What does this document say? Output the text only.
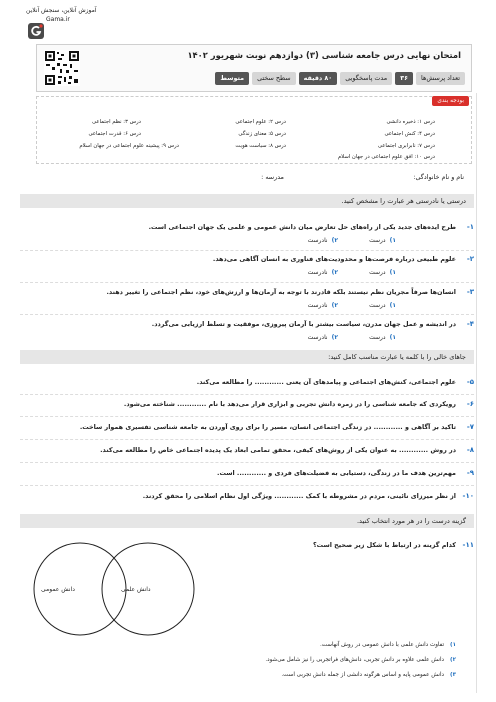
آموزش آنلاین، سنجش آنلاین
Gama.ir
امتحان نهایی درس جامعه شناسی (۳) دوازدهم نوبت شهریور ۱۴۰۲
تعداد پرسش‌ها
۳۶
مدت پاسخگویی
۸۰ دقیقه
سطح سختی
متوسط
بودجه بندی
درس ۱: ذخیره دانشی
درس ۲: علوم اجتماعی
درس ۳: نظم اجتماعی
درس ۴: کنش اجتماعی
درس ۵: معنای زندگی
درس ۶: قدرت اجتماعی
درس ۷: نابرابری اجتماعی
درس ۸: سیاست هویت
درس ۹: پیشینه علوم اجتماعی در جهان اسلام
درس ۱۰: افق علوم اجتماعی در جهان اسلام
نام و نام خانوادگی:
مدرسه :
درستی یا نادرستی هر عبارت را مشخص کنید.
۱-
طرح ایده‌های جدید یکی از راه‌های حل تعارض میان دانش عمومی و علمی یک جهان اجتماعی است.
۱)درست
۲)نادرست
۲-
علوم طبیعی درباره فرصت‌ها و محدودیت‌های فناوری به انسان آگاهی می‌دهد.
۱)درست
۲)نادرست
۳-
انسان‌ها صرفاً مجریان نظم نیستند بلکه قادرند با توجه به آرمان‌ها و ارزش‌های خود، نظم اجتماعی را تغییر دهند.
۱)درست
۲)نادرست
۴-
در اندیشه و عمل جهان مدرن، سیاست بیشتر با آرمان پیروزی، موفقیت و تسلط ارزیابی می‌گردد.
۱)درست
۲)نادرست
جاهای خالی را با کلمه یا عبارت مناسب کامل کنید:
۵-
علوم اجتماعی، کنش‌های اجتماعی و پیامدهای آن یعنی ............ را مطالعه می‌کند.
۶-
رویکردی که جامعه شناسی را در زمره دانش تجربی و ابزاری قرار می‌دهد با نام ............ شناخته می‌شود.
۷-
تاکید بر آگاهی و ............ در زندگی اجتماعی انسان، مسیر را برای روی آوردن به جامعه شناسی تفسیری هموار ساخت.
۸-
در روش ............ به عنوان یکی از روش‌های کیفی، محقق تمامی ابعاد یک پدیده اجتماعی خاص را مطالعه می‌کند.
۹-
مهم‌ترین هدف ما در زندگی، دستیابی به فضیلت‌های فردی و ............ است.
۱۰-
از نظر میرزای نائینی، مردم در مشروطه با کمک ............ ویژگی اول نظام اسلامی را محقق کردند.
گزینه درست را در هر مورد انتخاب کنید.
۱۱-
کدام گزینه در ارتباط با شکل زیر صحیح است؟
دانش عمومی	دانش علمی
۱)تفاوت دانش علمی با دانش عمومی در روش آنهاست.
۲)دانش علمی علاوه بر دانش تجربی، دانش‌های فراتجربی را نیز شامل می‌شود.
۳)دانش عمومی پایه و اساس هرگونه دانشی از جمله دانش تجربی است.
